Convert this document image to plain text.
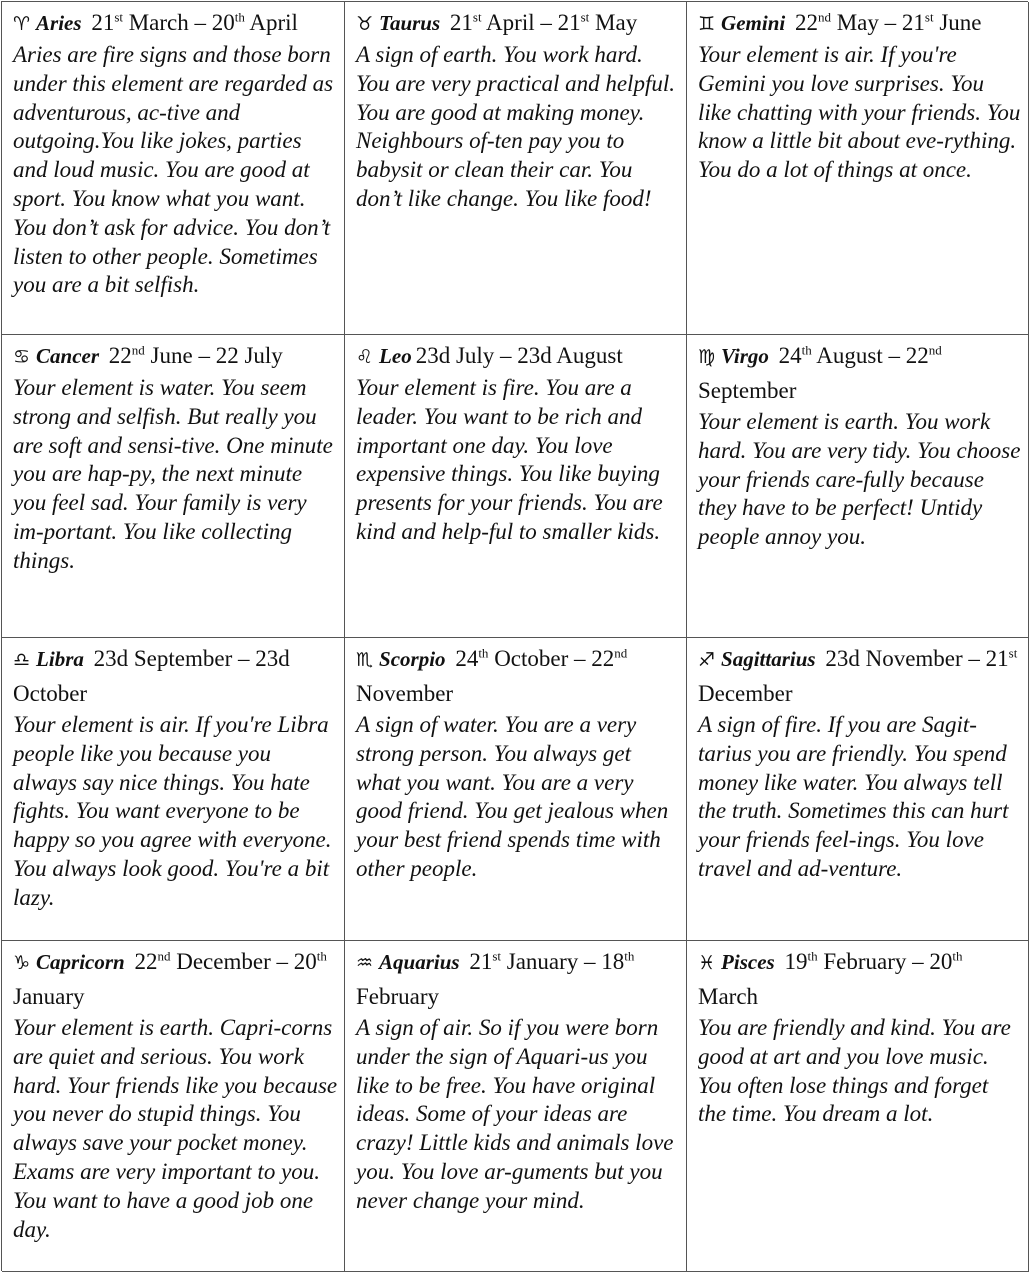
♈ Aries 21st March – 20th April

Aries are fire signs and those born under this element are regarded as adventurous, ac-tive and outgoing.You like jokes, parties and loud music. You are good at sport. You know what you want. You don’t ask for advice. You don’t listen to other people. Sometimes you are a bit selfish.

♉ Taurus 21st April – 21st May

A sign of earth. You work hard. You are very practical and helpful. You are good at making money. Neighbours of-ten pay you to babysit or clean their car. You don’t like change. You like food!

♊ Gemini 22nd May – 21st June

Your element is air. If you're Gemini you love surprises. You like chatting with your friends. You know a little bit about eve-rything. You do a lot of things at once.

♋ Cancer 22nd June – 22 July

Your element is water. You seem strong and selfish. But really you are soft and sensi-tive. One minute you are hap-py, the next minute you feel sad. Your family is very im-portant. You like collecting things.

♌ Leo 23d July – 23d August

Your element is fire. You are a leader. You want to be rich and important one day. You love expensive things. You like buying presents for your friends. You are kind and help-ful to smaller kids.

♍ Virgo 24th August – 22nd September

Your element is earth. You work hard. You are very tidy. You choose your friends care-fully because they have to be perfect! Untidy people annoy you.

♎ Libra 23d September – 23d October

Your element is air. If you're Libra people like you because you always say nice things. You hate fights. You want everyone to be happy so you agree with everyone. You always look good. You're a bit lazy.

♏ Scorpio 24th October – 22nd November

A sign of water. You are a very strong person. You always get what you want. You are a very good friend. You get jealous when your best friend spends time with other people.

♐ Sagittarius 23d November – 21st December

A sign of fire. If you are Sagit-tarius you are friendly. You spend money like water. You always tell the truth. Sometimes this can hurt your friends feel-ings. You love travel and ad-venture.

♑ Capricorn 22nd December – 20th January

Your element is earth. Capri-corns are quiet and serious. You work hard. Your friends like you because you never do stupid things. You always save your pocket money. Exams are very important to you. You want to have a good job one day.

♒ Aquarius 21st January – 18th February

A sign of air. So if you were born under the sign of Aquari-us you like to be free. You have original ideas. Some of your ideas are crazy! Little kids and animals love you. You love ar-guments but you never change your mind.

♓ Pisces 19th February – 20th March

You are friendly and kind. You are good at art and you love music. You often lose things and forget the time. You dream a lot.
